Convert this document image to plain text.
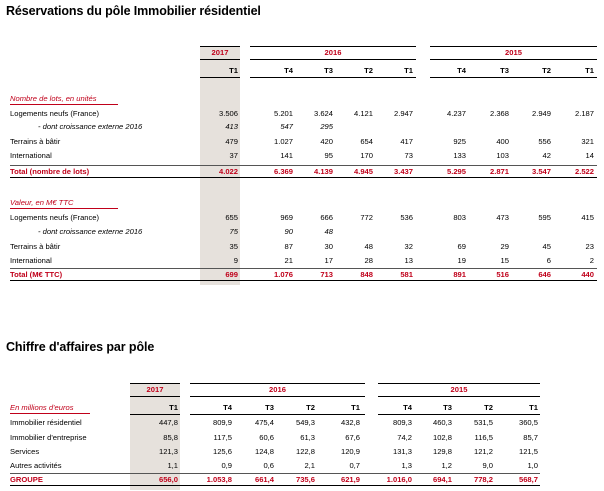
Réservations du pôle Immobilier résidentiel
2017	2016	2015
T1	T4	T3	T2	T1	T4	T3	T2	T1
Nombre de lots, en unités
Logements neufs (France)	3.506	5.201	3.624	4.121	2.947	4.237	2.368	2.949	2.187
- dont croissance externe 2016	413	547	295
Terrains à bâtir	479	1.027	420	654	417	925	400	556	321
International	37	141	95	170	73	133	103	42	14
Total (nombre de lots)	4.022	6.369	4.139	4.945	3.437	5.295	2.871	3.547	2.522
Valeur, en M€ TTC
Logements neufs (France)	655	969	666	772	536	803	473	595	415
- dont croissance externe 2016	75	90	48
Terrains à bâtir	35	87	30	48	32	69	29	45	23
International	9	21	17	28	13	19	15	6	2
Total (M€ TTC)	699	1.076	713	848	581	891	516	646	440
Chiffre d'affaires par pôle
2017	2016	2015
T1	T4	T3	T2	T1	T4	T3	T2	T1
En millions d'euros
Immobilier résidentiel	447,8	809,9	475,4	549,3	432,8	809,3	460,3	531,5	360,5
Immobilier d'entreprise	85,8	117,5	60,6	61,3	67,6	74,2	102,8	116,5	85,7
Services	121,3	125,6	124,8	122,8	120,9	131,3	129,8	121,2	121,5
Autres activités	1,1	0,9	0,6	2,1	0,7	1,3	1,2	9,0	1,0
GROUPE	656,0	1.053,8	661,4	735,6	621,9	1.016,0	694,1	778,2	568,7
